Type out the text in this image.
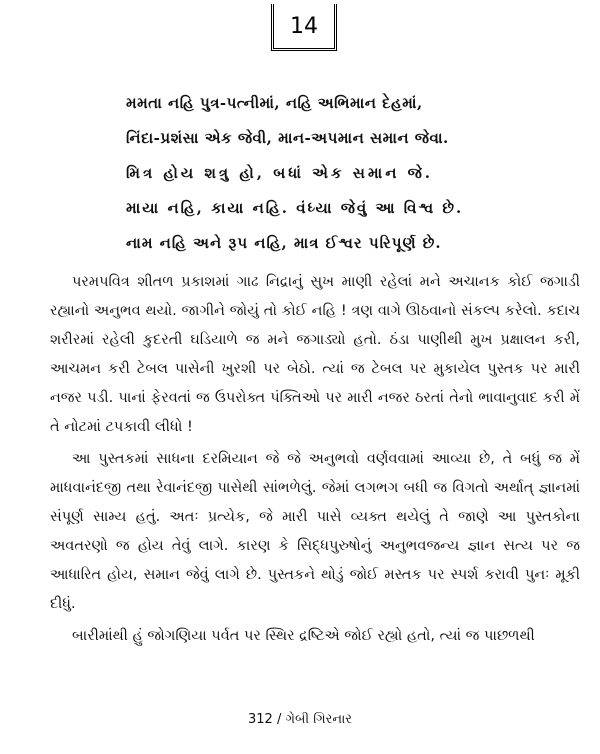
14
મમતા નહિ પુત્ર-પત્નીમાં, નહિ અભિમાન દેહમાં,
નિંદા-પ્રશંસા એક જેવી, માન-અપમાન સમાન જેવા.
મિત્ર હોય શત્રુ હો, બધાં એક સમાન જે.
માયા નહિ, કાયા નહિ. વંધ્યા જેવું આ વિશ્વ છે.
નામ નહિ અને રૂપ નહિ, માત્ર ઈશ્વર પરિપૂર્ણ છે.

પરમપવિત્ર શીતળ પ્રકાશમાં ગાઢ નિદ્રાનું સુખ માણી રહેલાં મને અચાનક કોઈ જગાડી રહ્યાનો અનુભવ થયો. જાગીને જોયું તો કોઈ નહિ ! ત્રણ વાગે ઊઠવાનો સંકલ્પ કરેલો. કદાચ શરીરમાં રહેલી કુદરતી ઘડિયાળે જ મને જગાડ્યો હતો. ઠંડા પાણીથી મુખ પ્રક્ષાલન કરી, આચમન કરી ટેબલ પાસેની ખુરશી પર બેઠો. ત્યાં જ ટેબલ પર મુકાયેલ પુસ્તક પર મારી નજર પડી. પાનાં ફેરવતાં જ ઉપરોક્ત પંક્તિઓ પર મારી નજર ઠરતાં તેનો ભાવાનુવાદ કરી મેં તે નોટમાં ટપકાવી લીધો !

આ પુસ્તકમાં સાધના દરમિયાન જે જે અનુભવો વર્ણવવામાં આવ્યા છે, તે બધું જ મેં માધવાનંદજી તથા રેવાનંદજી પાસેથી સાંભળેલું. જેમાં લગભગ બધી જ વિગતો અર્થાત્ જ્ઞાનમાં સંપૂર્ણ સામ્ય હતું. અતઃ પ્રત્યેક, જે મારી પાસે વ્યક્ત થયેલું તે જાણે આ પુસ્તકોના અવતરણો જ હોય તેવું લાગે. કારણ કે સિદ્ધપુરુષોનું અનુભવજન્ય જ્ઞાન સત્ય પર જ આધારિત હોય, સમાન જેવું લાગે છે. પુસ્તકને થોડું જોઈ મસ્તક પર સ્પર્શ કરાવી પુનઃ મૂકી દીધું.

બારીમાંથી હું જોગણિયા પર્વત પર સ્થિર દ્રષ્ટિએ જોઈ રહ્યો હતો, ત્યાં જ પાછળથી

312 / ગેબી ગિરનાર
